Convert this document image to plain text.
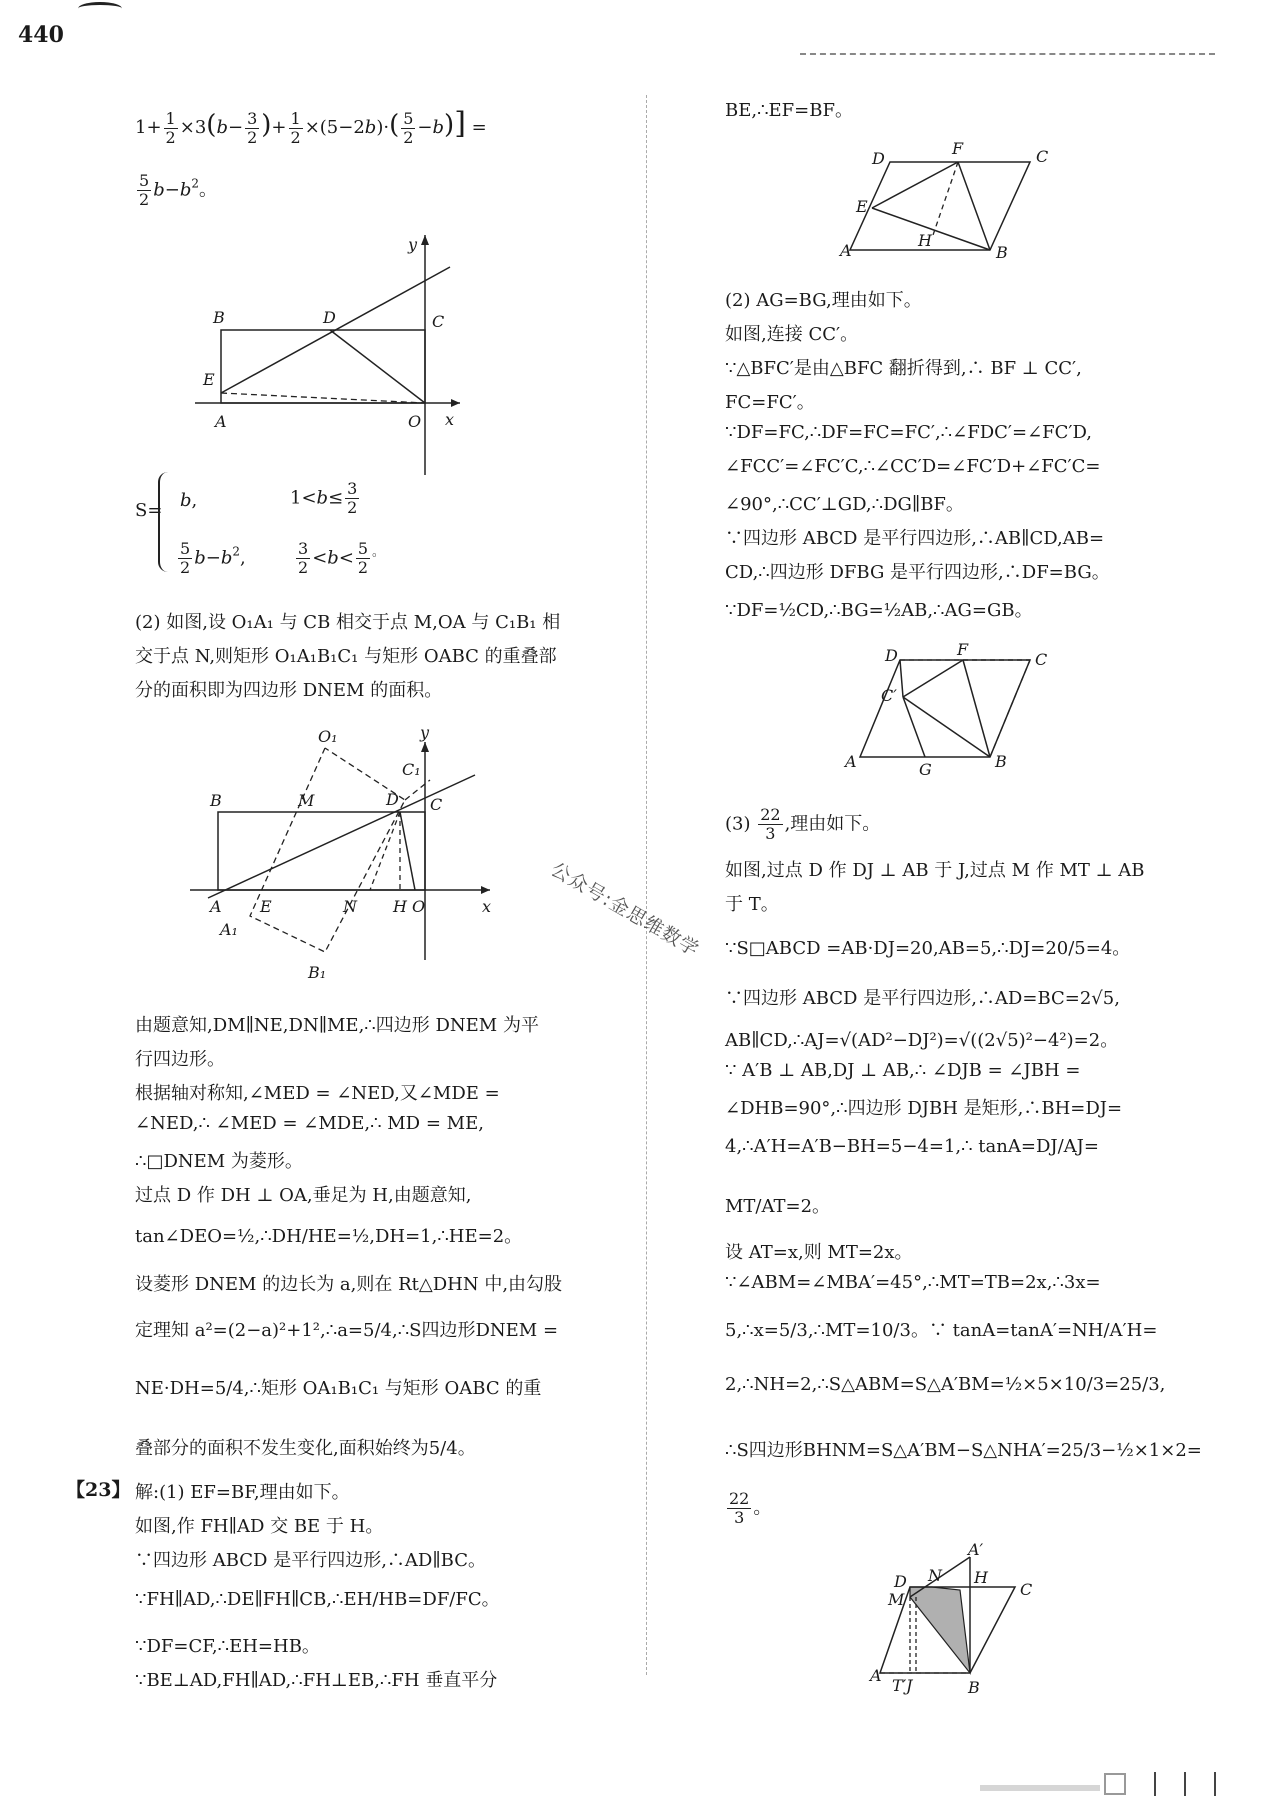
440
$1+ \frac{1}{2} \times 3(b- \frac{3}{2}$ )+ $\frac{1}{2} \times(5-2b)\cdot( \frac{5}{2} -b)$] =
$\frac{5}{2} b-b^2$。
y
B	D	C
E
A	O x
S= b,	$1<b\le \frac{3}{2}$
$\frac{5}{2} b-b^2$,	$\frac{3}{2} <b< \frac{5}{2} ^。$
(2) 如图,设 O₁A₁ 与 CB 相交于点 M,OA 与 C₁B₁ 相
交于点 N,则矩形 O₁A₁B₁C₁ 与矩形 OABC 的重叠部
分的面积即为四边形 DNEM 的面积。
O₁	y
C₁
B	M	D C
A E	N H O	x
A₁
B₁
由题意知,DM∥NE,DN∥ME,∴四边形 DNEM 为平
行四边形。
根据轴对称知,∠MED = ∠NED,又∠MDE =
∠NED,∴ ∠MED = ∠MDE,∴ MD = ME,
∴□DNEM 为菱形。
过点 D 作 DH ⊥ OA,垂足为 H,由题意知,
tan∠DEO=½,∴DH/HE=½,DH=1,∴HE=2。
设菱形 DNEM 的边长为 a,则在 Rt△DHN 中,由勾股
定理知 a²=(2−a)²+1²,∴a=5/4,∴S四边形DNEM =
NE·DH=5/4,∴矩形 OA₁B₁C₁ 与矩形 OABC 的重
叠部分的面积不发生变化,面积始终为5/4。
【23】 解:(1) EF=BF,理由如下。
如图,作 FH∥AD 交 BE 于 H。
∵四边形 ABCD 是平行四边形,∴AD∥BC。
∵FH∥AD,∴DE∥FH∥CB,∴EH/HB=DF/FC。
∵DF=CF,∴EH=HB。
∵BE⊥AD,FH∥AD,∴FH⊥EB,∴FH 垂直平分
BE,∴EF=BF。
F	C
D
E
H
A	B
(2) AG=BG,理由如下。
如图,连接 CC′。
∵△BFC′是由△BFC 翻折得到,∴ BF ⊥ CC′,
FC=FC′。
∵DF=FC,∴DF=FC=FC′,∴∠FDC′=∠FC′D,
∠FCC′=∠FC′C,∴∠CC′D=∠FC′D+∠FC′C=
∠90°,∴CC′⊥GD,∴DG∥BF。
∵四边形 ABCD 是平行四边形,∴AB∥CD,AB=
CD,∴四边形 DFBG 是平行四边形,∴DF=BG。
∵DF=½CD,∴BG=½AB,∴AG=GB。
D	F
C
C′
A	G	B
$(3) \frac{22}{3}$ ,理由如下。
如图,过点 D 作 DJ ⊥ AB 于 J,过点 M 作 MT ⊥ AB
于 T。
∵S□ABCD =AB·DJ=20,AB=5,∴DJ=20/5=4。
∵四边形 ABCD 是平行四边形,∴AD=BC=2√5,
AB∥CD,∴AJ=√(AD²−DJ²)=√((2√5)²−4²)=2。
∵ A′B ⊥ AB,DJ ⊥ AB,∴ ∠DJB = ∠JBH =
∠DHB=90°,∴四边形 DJBH 是矩形,∴BH=DJ=
4,∴A′H=A′B−BH=5−4=1,∴ tanA=DJ/AJ=
MT/AT=2。
设 AT=x,则 MT=2x。
∵∠ABM=∠MBA′=45°,∴MT=TB=2x,∴3x=
5,∴x=5/3,∴MT=10/3。∵ tanA=tanA′=NH/A′H=
2,∴NH=2,∴S△ABM=S△A′BM=½×5×10/3=25/3,
∴S四边形BHNM=S△A′BM−S△NHA′=25/3−½×1×2=
$\frac{22}{3}$ 。
A′
D N H
C
M
A
T′ J	B
公众号:金思维数学
